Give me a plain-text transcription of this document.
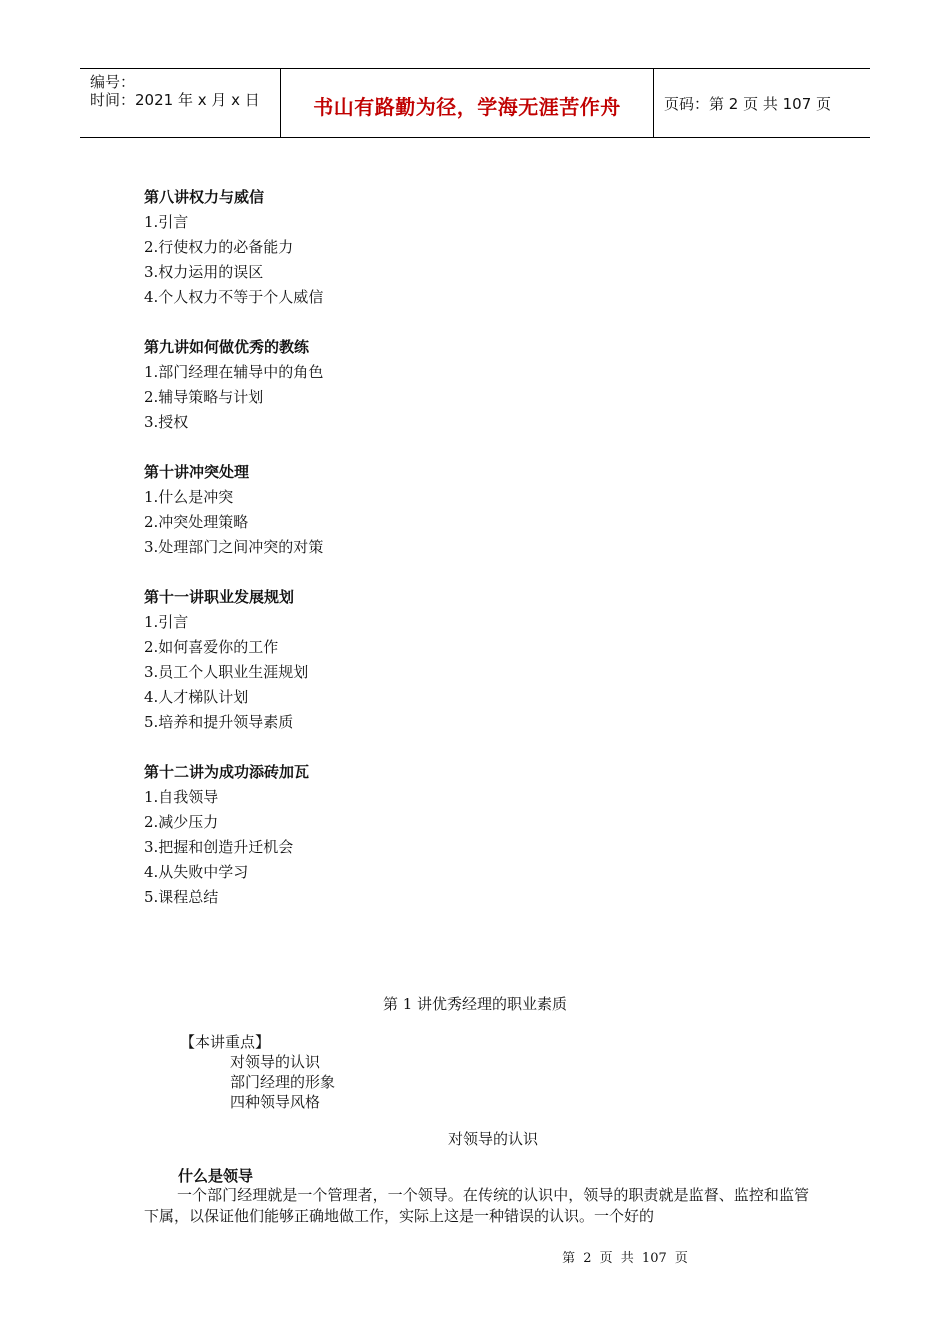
编号：
时间：2021 年 x 月 x 日	书山有路勤为径，学海无涯苦作舟	页码：第 2 页 共 107 页
第八讲权力与威信
1.引言
2.行使权力的必备能力
3.权力运用的误区
4.个人权力不等于个人威信
第九讲如何做优秀的教练
1.部门经理在辅导中的角色
2.辅导策略与计划
3.授权
第十讲冲突处理
1.什么是冲突
2.冲突处理策略
3.处理部门之间冲突的对策
第十一讲职业发展规划
1.引言
2.如何喜爱你的工作
3.员工个人职业生涯规划
4.人才梯队计划
5.培养和提升领导素质
第十二讲为成功添砖加瓦
1.自我领导
2.减少压力
3.把握和创造升迁机会
4.从失败中学习
5.课程总结
第 1 讲优秀经理的职业素质
【本讲重点】
对领导的认识
部门经理的形象
四种领导风格
对领导的认识
什么是领导
一个部门经理就是一个管理者，一个领导。在传统的认识中，领导的职责就是监督、监控和监管下属，以保证他们能够正确地做工作，实际上这是一种错误的认识。一个好的
第 2 页 共 107 页
